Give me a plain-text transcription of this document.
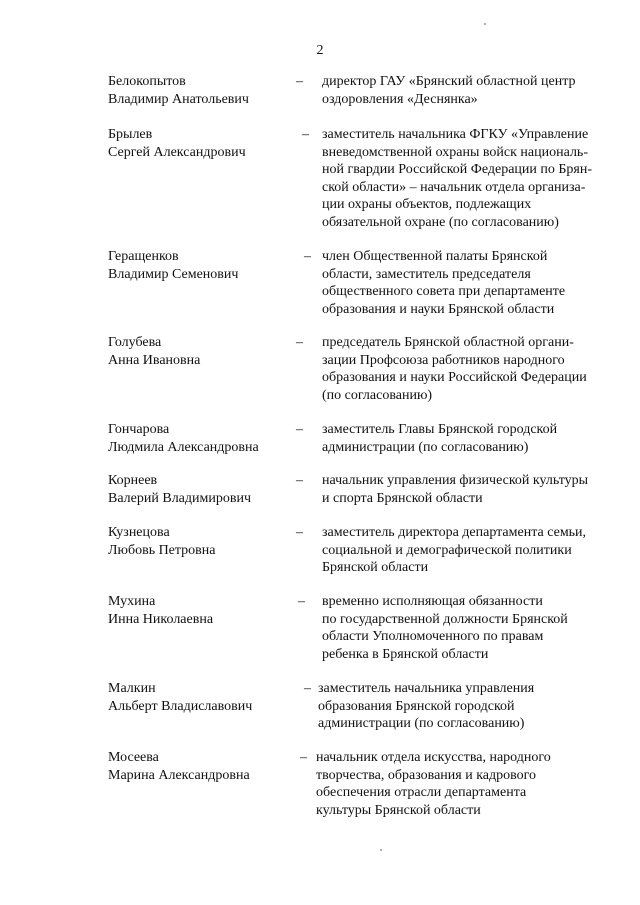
2
Белокопытов
Владимир Анатольевич
–	директор ГАУ «Брянский областной центр
оздоровления «Деснянка»
Брылев
Сергей Александрович
– заместитель начальника ФГКУ «Управление
вневедомственной охраны войск националь-
ной гвардии Российской Федерации по Брян-
ской области» – начальник отдела организа-
ции охраны объектов, подлежащих
обязательной охране (по согласованию)
Геращенков
Владимир Семенович
– член Общественной палаты Брянской
области, заместитель председателя
общественного совета при департаменте
образования и науки Брянской области
Голубева
Анна Ивановна
–	председатель Брянской областной органи-
зации Профсоюза работников народного
образования и науки Российской Федерации
(по согласованию)
Гончарова
Людмила Александровна
–	заместитель Главы Брянской городской
администрации (по согласованию)
Корнеев
Валерий Владимирович
–	начальник управления физической культуры
и спорта Брянской области
Кузнецова
Любовь Петровна
–	заместитель директора департамента семьи,
социальной и демографической политики
Брянской области
Мухина
Инна Николаевна
–	временно исполняющая обязанности
по государственной должности Брянской
области Уполномоченного по правам
ребенка в Брянской области
Малкин
Альберт Владиславович
– заместитель начальника управления
образования Брянской городской
администрации (по согласованию)
Мосеева
Марина Александровна
– начальник отдела искусства, народного
творчества, образования и кадрового
обеспечения отрасли департамента
культуры Брянской области
